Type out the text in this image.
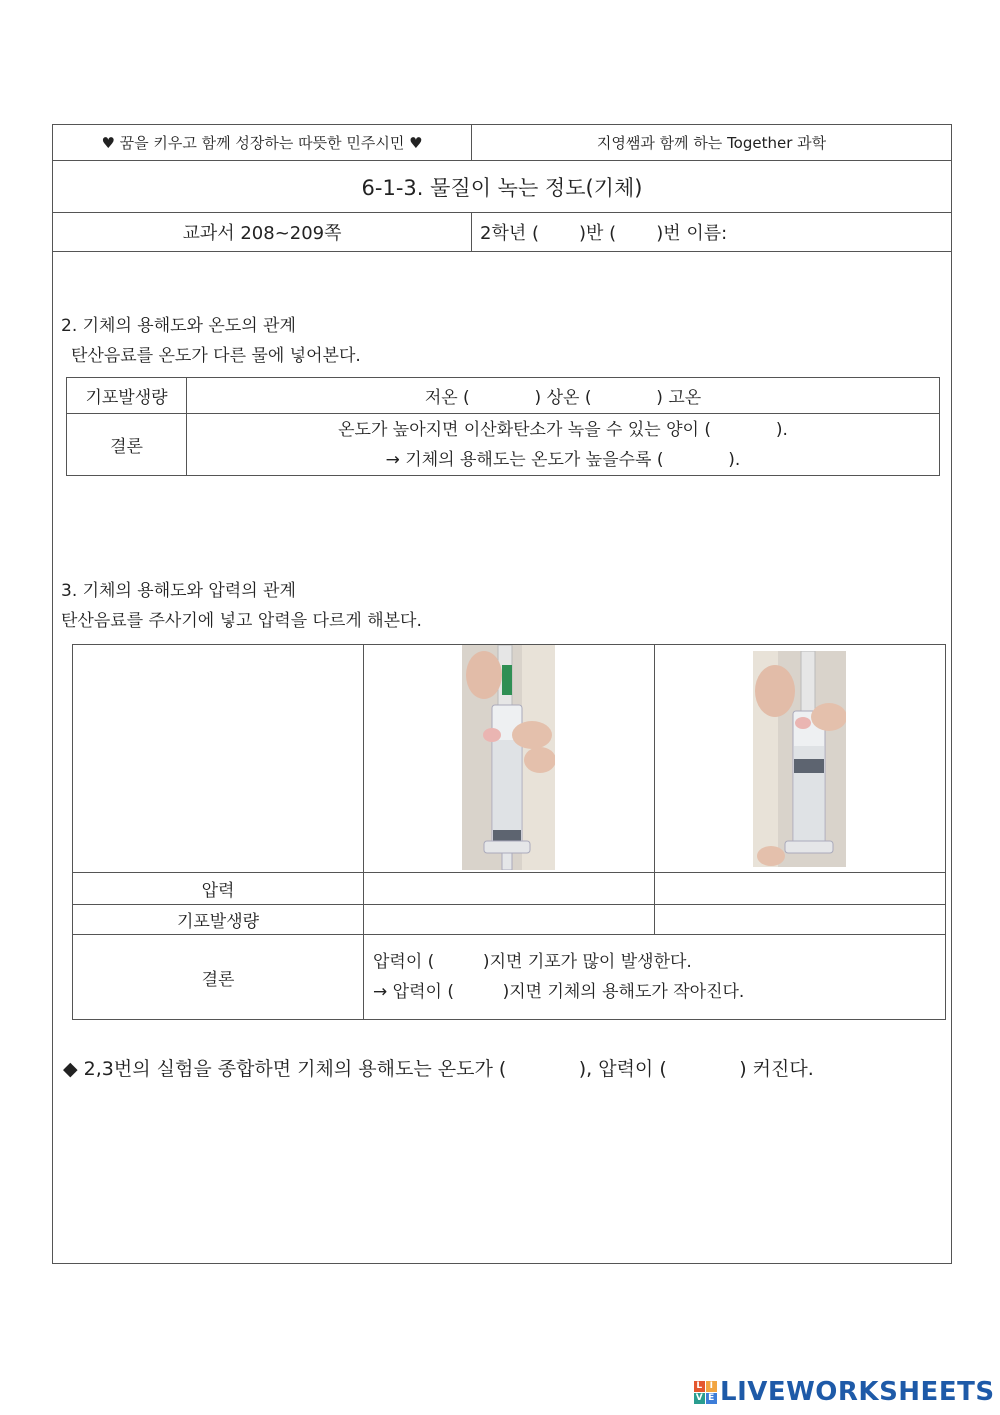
♥ 꿈을 키우고 함께 성장하는 따뜻한 민주시민 ♥	지영쌤과 함께 하는 Together 과학
6-1-3. 물질이 녹는 정도(기체)
교과서 208~209쪽	2학년 (       )반 (       )번 이름:
2. 기체의 용해도와 온도의 관계
탄산음료를 온도가 다른 물에 넣어본다.
기포발생량	저온 (            ) 상온 (            ) 고온
결론	온도가 높아지면 이산화탄소가 녹을 수 있는 양이 (            ).
→ 기체의 용해도는 온도가 높을수록 (            ).
3. 기체의 용해도와 압력의 관계
탄산음료를 주사기에 넣고 압력을 다르게 해본다.

압력		
기포발생량		
결론	압력이 (         )지면 기포가 많이 발생한다.
→ 압력이 (         )지면 기체의 용해도가 작아진다.	
◆ 2,3번의 실험을 종합하면 기체의 용해도는 온도가 (            ), 압력이 (            ) 커진다.
L I
V E LIVEWORKSHEETS
